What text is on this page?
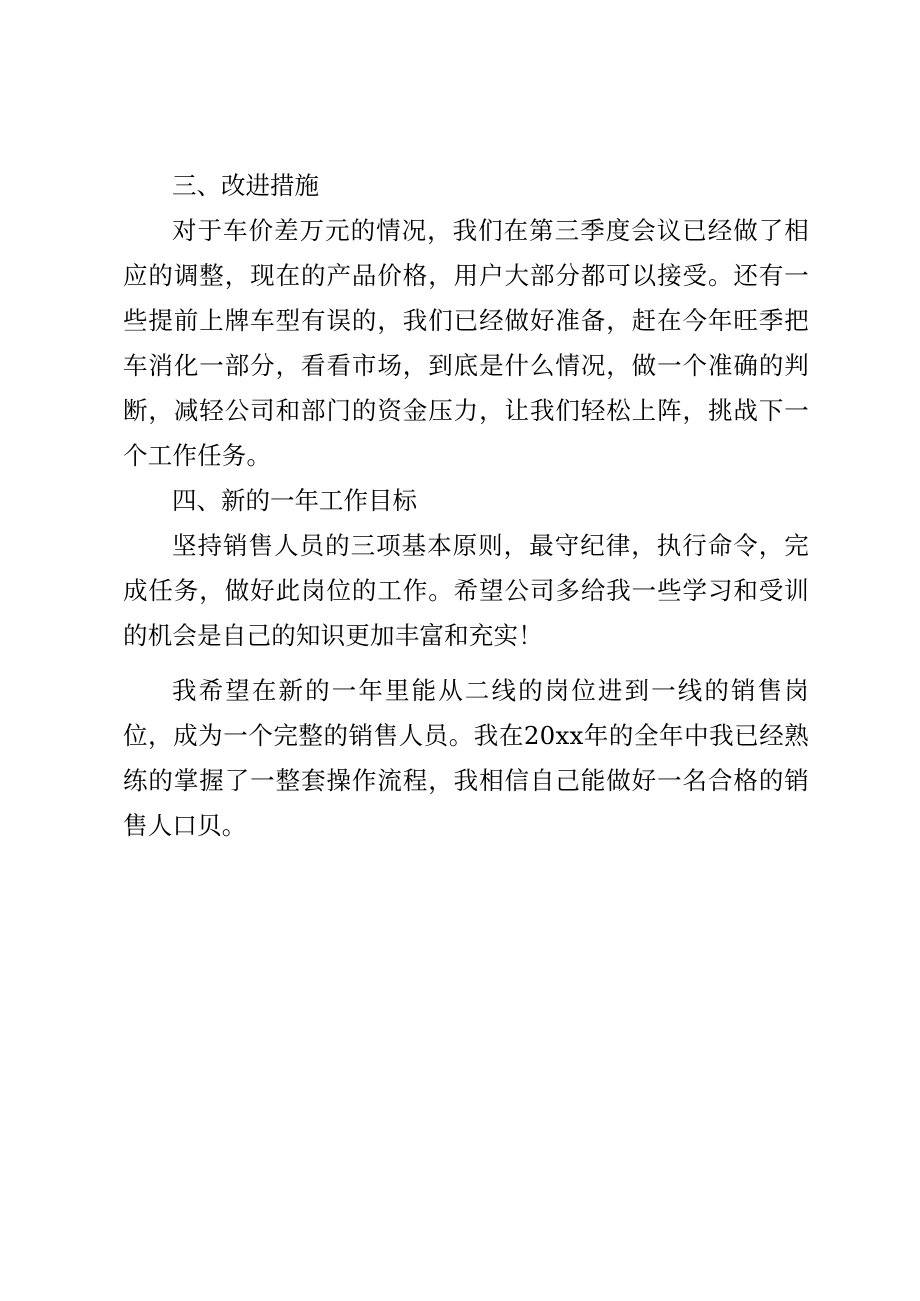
三、改进措施

对于车价差万元的情况，我们在第三季度会议已经做了相应的调整，现在的产品价格，用户大部分都可以接受。还有一些提前上牌车型有误的，我们已经做好准备，赶在今年旺季把车消化一部分，看看市场，到底是什么情况，做一个准确的判断，减轻公司和部门的资金压力，让我们轻松上阵，挑战下一个工作任务。

四、新的一年工作目标

坚持销售人员的三项基本原则，最守纪律，执行命令，完成任务，做好此岗位的工作。希望公司多给我一些学习和受训的机会是自己的知识更加丰富和充实！

我希望在新的一年里能从二线的岗位进到一线的销售岗位，成为一个完整的销售人员。我在20xx年的全年中我已经熟练的掌握了一整套操作流程，我相信自己能做好一名合格的销售人口贝。
